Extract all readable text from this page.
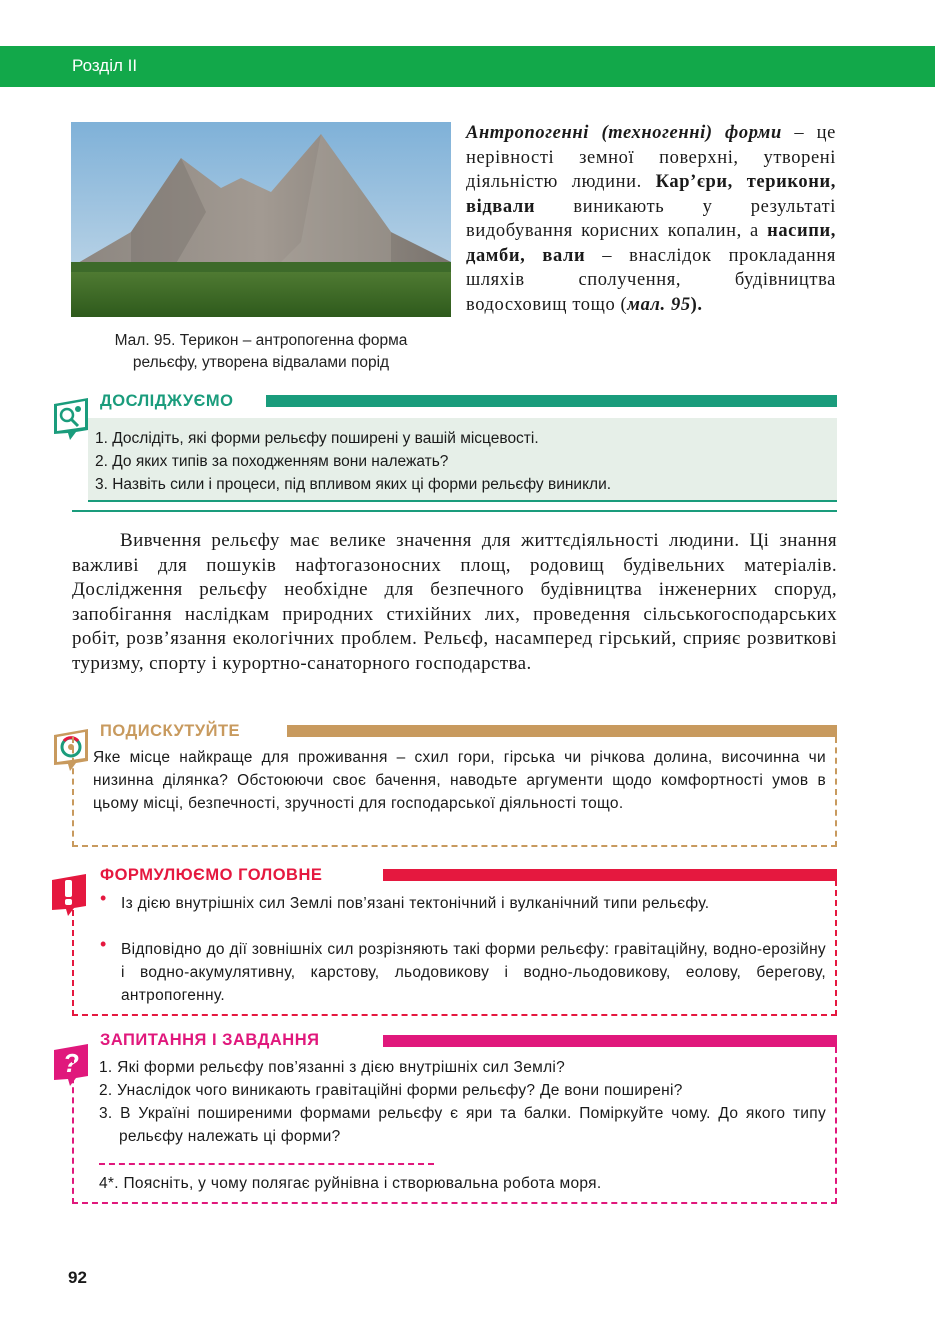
Розділ ІІ
Мал. 95. Терикон – антропогенна форма
рельєфу, утворена відвалами порід
Антропогенні (техногенні) форми – це нерівності земної поверхні, утворені діяльністю людини. Кар’єри, терикони, відвали виникають у результаті видобування корисних копалин, а насипи, дамби, вали – внаслідок прокладання шляхів сполучення, будівництва водосховищ тощо (мал. 95).
ДОСЛІДЖУЄМО
1. Дослідіть, які форми рельєфу поширені у вашій місцевості.
2. До яких типів за походженням вони належать?
3. Назвіть сили і процеси, під впливом яких ці форми рельєфу виникли.
Вивчення рельєфу має велике значення для життєдіяльності людини. Ці знання важливі для пошуків нафтогазоносних площ, родовищ будівельних матеріалів. Дослідження рельєфу необхідне для безпечного будівництва інженерних споруд, запобігання наслідкам природних стихійних лих, проведення сільськогосподарських робіт, розв’язання екологічних проблем. Рельєф, насамперед гірський, сприяє розвиткові туризму, спорту і курортно-санаторного господарства.
ПОДИСКУТУЙТЕ
Яке місце найкраще для проживання – схил гори, гірська чи річкова долина, височинна чи низинна ділянка? Обстоюючи своє бачення, наводьте аргументи щодо комфортності умов в цьому місці, безпечності, зручності для господарської діяльності тощо.
ФОРМУЛЮЄМО ГОЛОВНЕ
• Із дією внутрішніх сил Землі пов’язані тектонічний і вулканічний типи рельєфу.
• Відповідно до дії зовнішніх сил розрізняють такі форми рельєфу: гравітаційну, водно-ерозійну і водно-акумулятивну, карстову, льодовикову і водно-льодовикову, еолову, берегову, антропогенну.
?
ЗАПИТАННЯ І ЗАВДАННЯ
1. Які форми рельєфу пов’язанні з дією внутрішніх сил Землі?
2. Унаслідок чого виникають гравітаційні форми рельєфу? Де вони поширені?
3. В Україні поширеними формами рельєфу є яри та балки. Поміркуйте чому. До якого типу рельєфу належать ці форми?
4*. Поясніть, у чому полягає руйнівна і створювальна робота моря.
92
